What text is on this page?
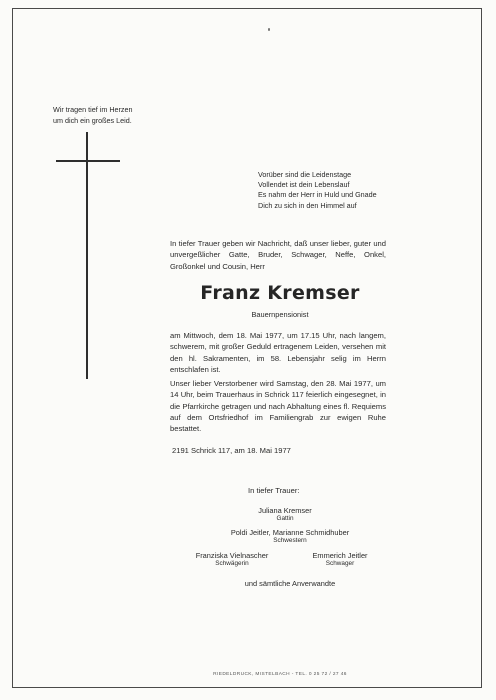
Wir tragen tief im Herzen
um dich ein großes Leid.
Vorüber sind die Leidenstage
Vollendet ist dein Lebenslauf
Es nahm der Herr in Huld und Gnade
Dich zu sich in den Himmel auf
In tiefer Trauer geben wir Nachricht, daß unser lieber, guter und unvergeßlicher Gatte, Bruder, Schwager, Neffe, Onkel, Großonkel und Cousin, Herr
Franz Kremser
Bauernpensionist
am Mittwoch, dem 18. Mai 1977, um 17.15 Uhr, nach langem, schwerem, mit großer Geduld ertragenem Leiden, versehen mit den hl. Sakramenten, im 58. Lebensjahr selig im Herrn entschlafen ist.
Unser lieber Verstorbener wird Samstag, den 28. Mai 1977, um 14 Uhr, beim Trauerhaus in Schrick 117 feierlich eingesegnet, in die Pfarrkirche getragen und nach Abhaltung eines fl. Requiems auf dem Ortsfriedhof im Familiengrab zur ewigen Ruhe bestattet.
2191 Schrick 117, am 18. Mai 1977
In tiefer Trauer:
Juliana Kremser
Gattin
Poldi Jeitler, Marianne Schmidhuber
Schwestern
Franziska Vielnascher
Schwägerin
Emmerich Jeitler
Schwager
und sämtliche Anverwandte
RIEDELDRUCK, MISTELBACH - TEL. 0 25 72 / 27 46
